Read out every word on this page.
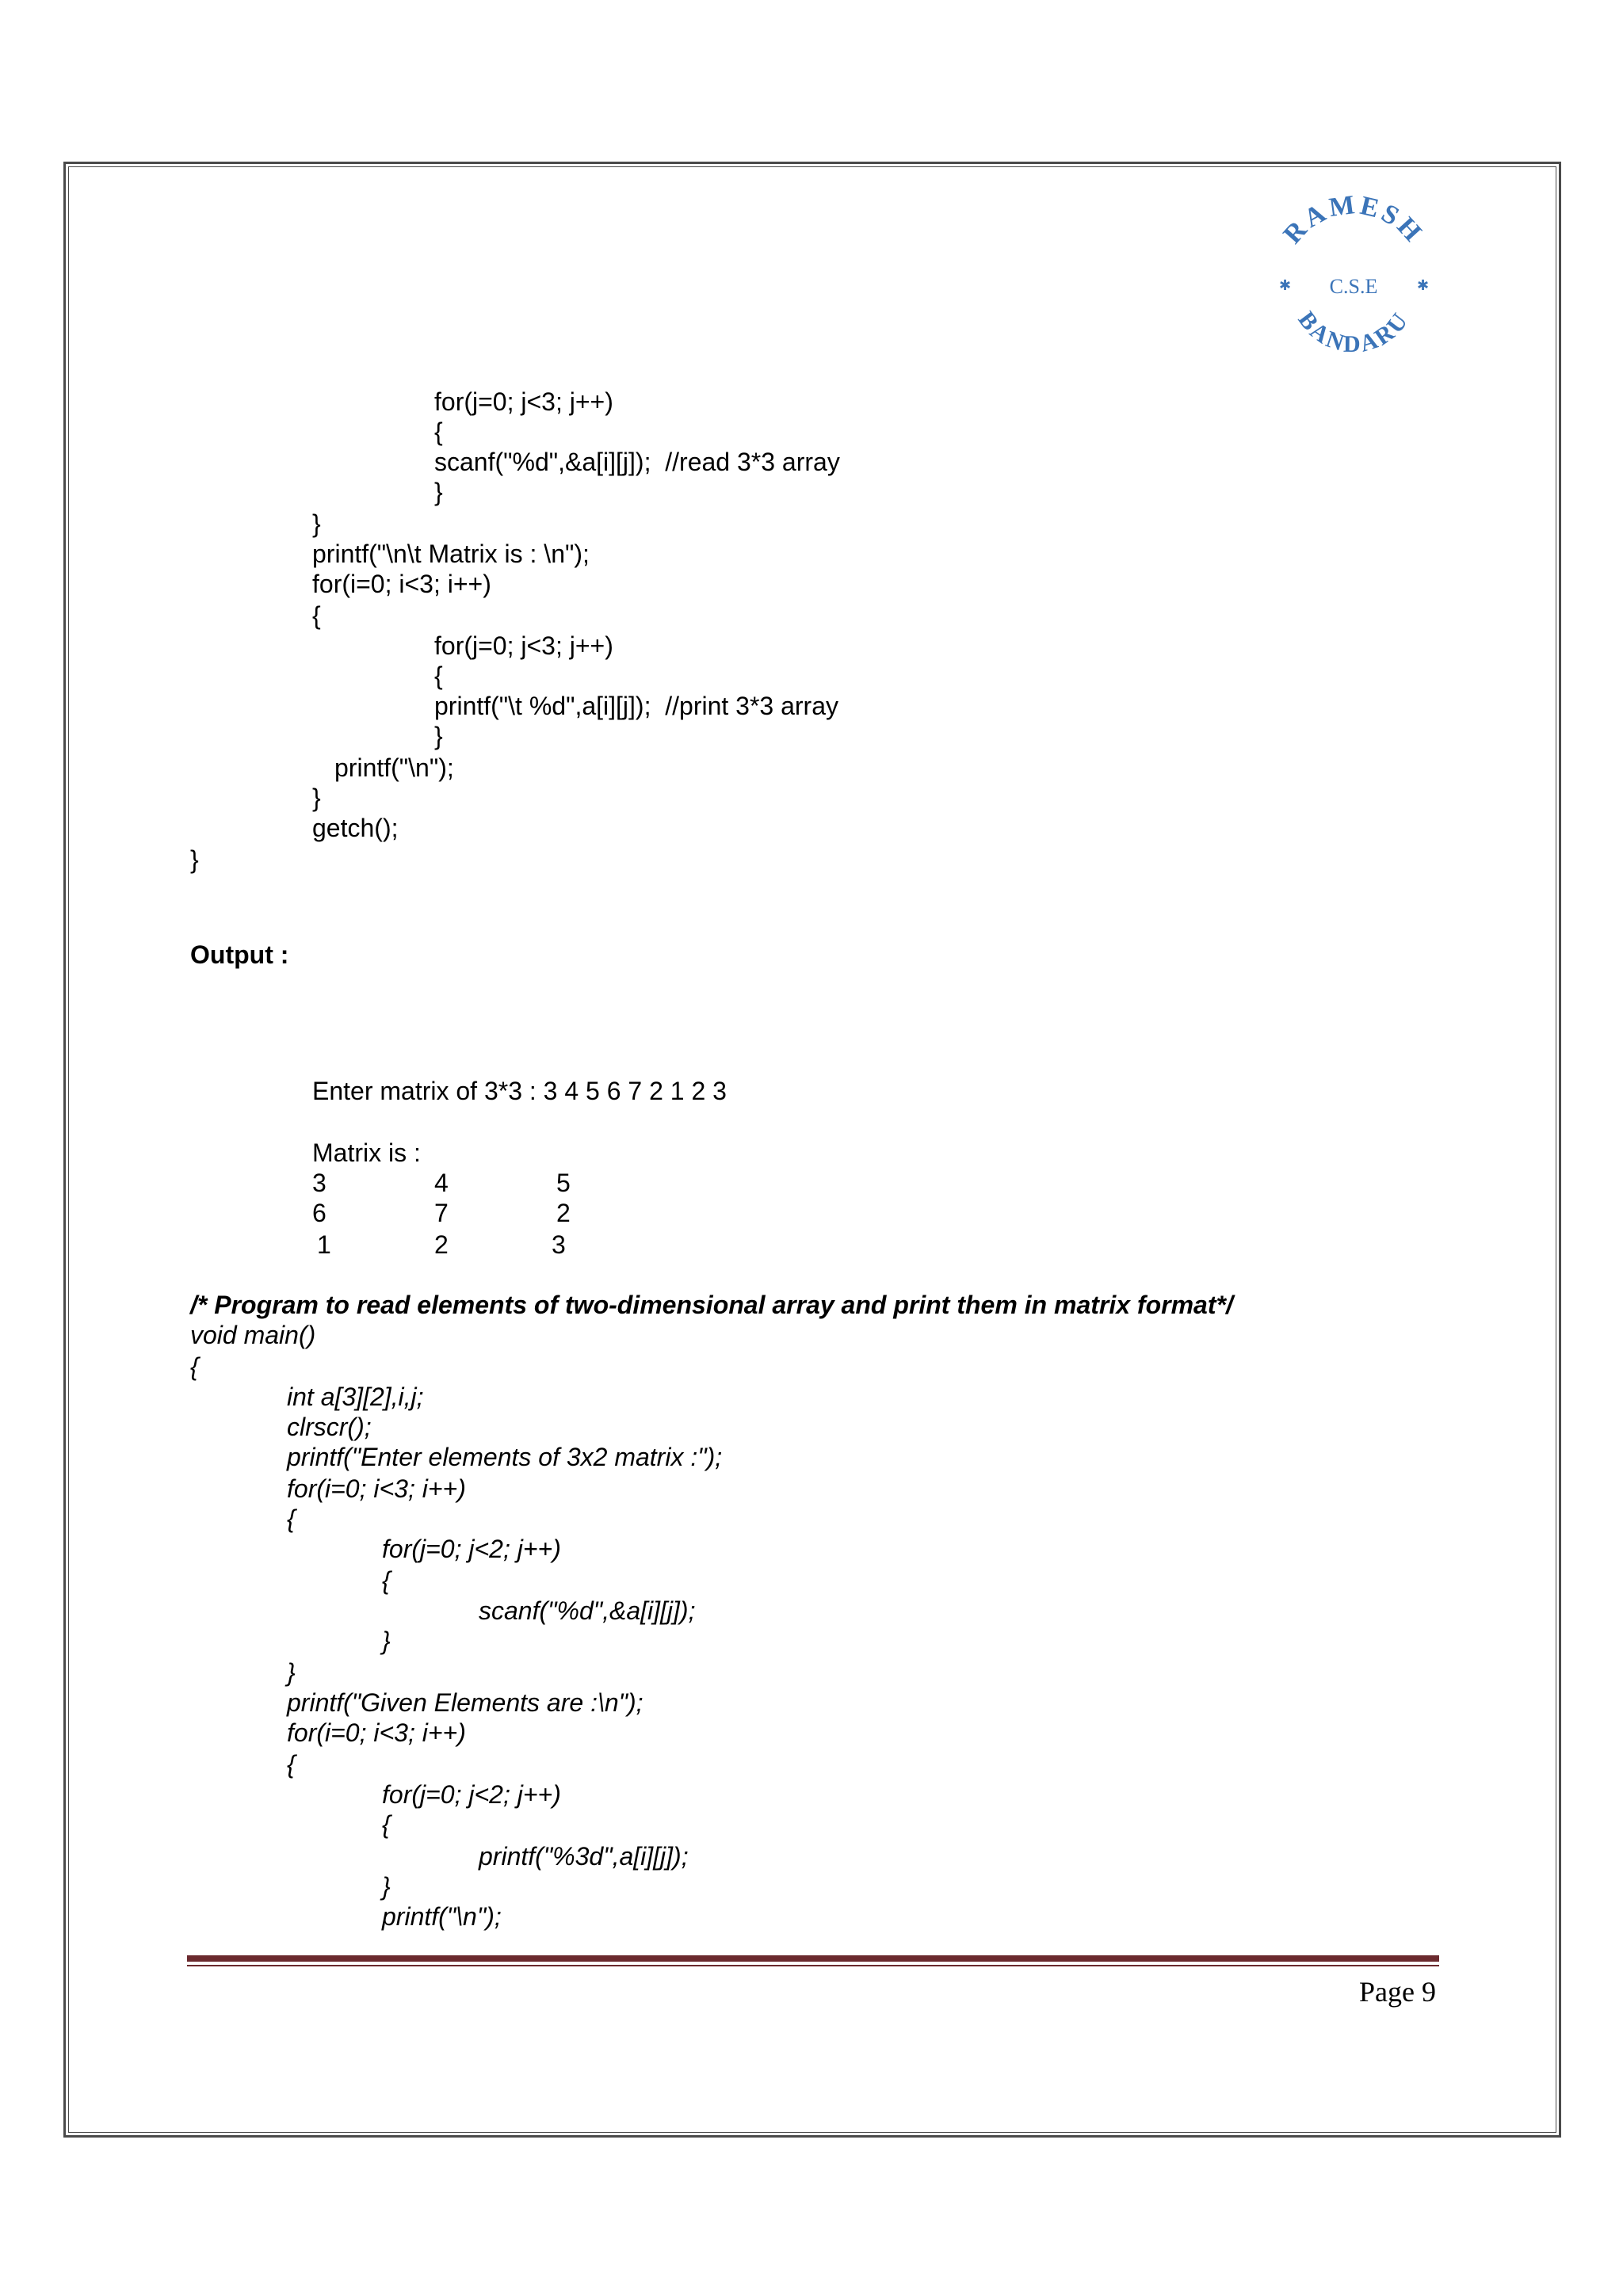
RAMESH
BANDARU
✱	✱
C.S.E
for(j=0; j<3; j++)
{
scanf("%d",&a[i][j]);  //read 3*3 array
}
}
printf("\n\t Matrix is : \n");
for(i=0; i<3; i++)
{
for(j=0; j<3; j++)
{
printf("\t %d",a[i][j]);  //print 3*3 array
}
printf("\n");
}
getch();
}
Output :
Enter matrix of 3*3 : 3 4 5 6 7 2 1 2 3
Matrix is :
3	4	5
6	7	2
1	2	3
/* Program to read elements of two-dimensional array and print them in matrix format*/
void main()
{
int a[3][2],i,j;
clrscr();
printf("Enter elements of 3x2 matrix :");
for(i=0; i<3; i++)
{
for(j=0; j<2; j++)
{
scanf("%d",&a[i][j]);
}
}
printf("Given Elements are :\n");
for(i=0; i<3; i++)
{
for(j=0; j<2; j++)
{
printf("%3d",a[i][j]);
}
printf("\n");
Page 9
